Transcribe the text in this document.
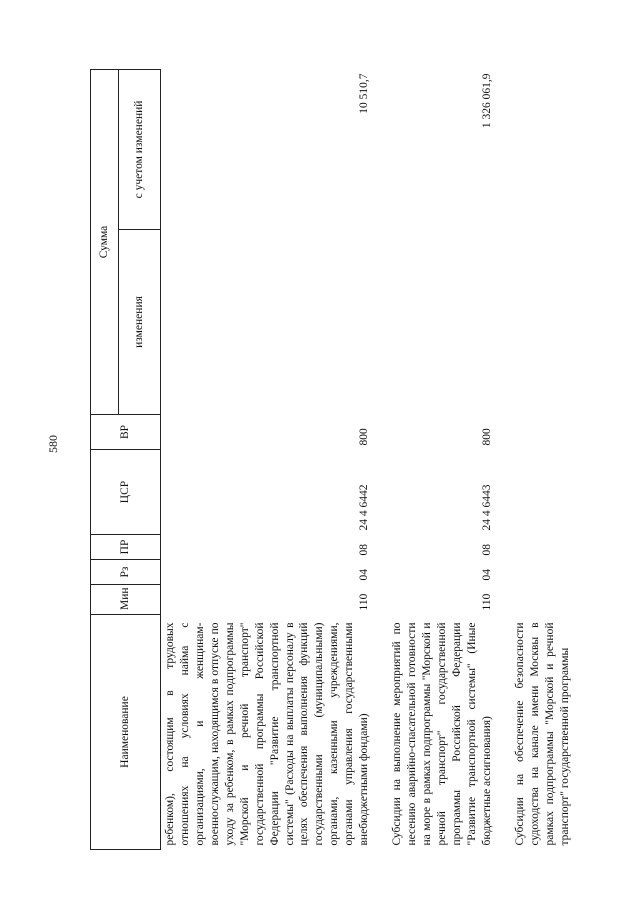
580
Наименование	Мин	Рз	ПР	ЦСР	ВР	Сумма	
						изменения	с учетом изменений
ребенком), состоящим в трудовых отношениях на условиях найма с организациями, и женщинам-военнослужащим, находящимся в отпуске по уходу за ребенком, в рамках подпрограммы "Морской и речной транспорт" государственной программы Российской Федерации "Развитие транспортной системы" (Расходы на выплаты персоналу в целях обеспечения выполнения функций государственными (муниципальными) органами, казенными учреждениями, органами управления государственными внебюджетными фондами)	110	04	08	24 4 6442	800		10 510,7

Субсидии на выполнение мероприятий по несению аварийно-спасательной готовности на море в рамках подпрограммы "Морской и речной транспорт" государственной программы Российской Федерации "Развитие транспортной системы" (Иные бюджетные ассигнования)	110	04	08	24 4 6443	800		1 326 061,9

Субсидии на обеспечение безопасности судоходства на канале имени Москвы в рамках подпрограммы "Морской и речной транспорт" государственной программы							
